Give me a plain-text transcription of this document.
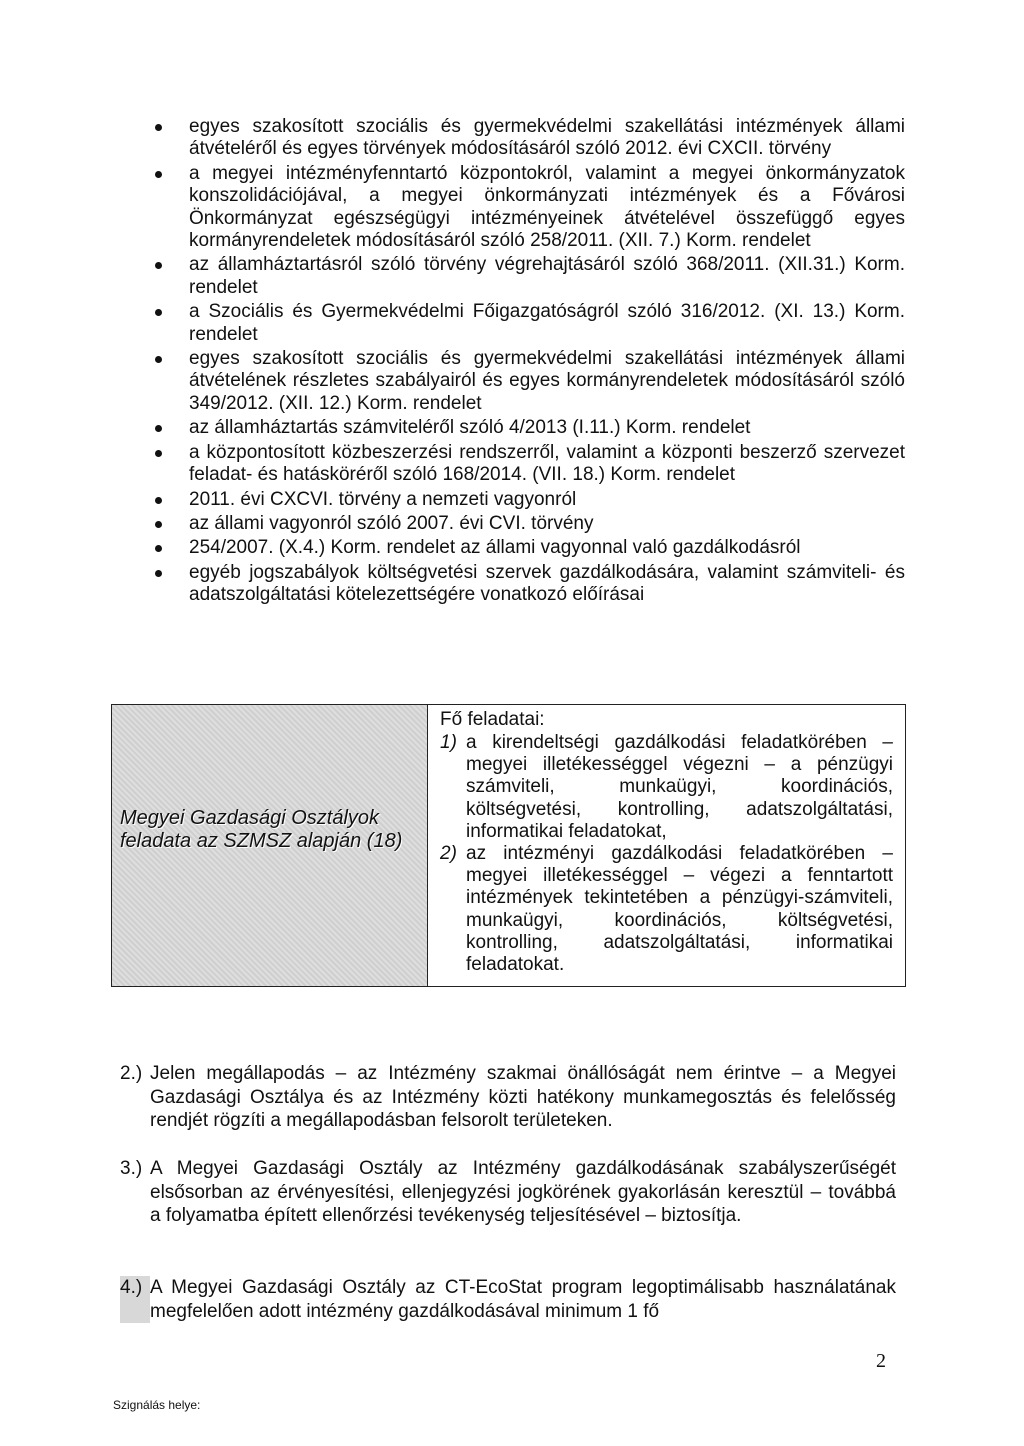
egyes szakosított szociális és gyermekvédelmi szakellátási intézmények állami átvételéről és egyes törvények módosításáról szóló 2012. évi CXCII. törvény
a megyei intézményfenntartó központokról, valamint a megyei önkormányzatok konszolidációjával, a megyei önkormányzati intézmények és a Fővárosi Önkormányzat egészségügyi intézményeinek átvételével összefüggő egyes kormányrendeletek módosításáról szóló 258/2011. (XII. 7.) Korm. rendelet
az államháztartásról szóló törvény végrehajtásáról szóló 368/2011. (XII.31.) Korm. rendelet
a Szociális és Gyermekvédelmi Főigazgatóságról szóló 316/2012. (XI. 13.) Korm. rendelet
egyes szakosított szociális és gyermekvédelmi szakellátási intézmények állami átvételének részletes szabályairól és egyes kormányrendeletek módosításáról szóló 349/2012. (XII. 12.) Korm. rendelet
az államháztartás számviteléről szóló 4/2013 (I.11.) Korm. rendelet
a központosított közbeszerzési rendszerről, valamint a központi beszerző szervezet feladat- és hatásköréről szóló 168/2014. (VII. 18.) Korm. rendelet
2011. évi CXCVI. törvény a nemzeti vagyonról
az állami vagyonról szóló 2007. évi CVI. törvény
254/2007. (X.4.) Korm. rendelet az állami vagyonnal való gazdálkodásról
egyéb jogszabályok költségvetési szervek gazdálkodására, valamint számviteli- és adatszolgáltatási kötelezettségére vonatkozó előírásai
Megyei Gazdasági Osztályok feladata az SZMSZ alapján (18)
Fő feladatai:
1) a kirendeltségi gazdálkodási feladatkörében – megyei illetékességgel végezni – a pénzügyi számviteli, munkaügyi, koordinációs, költségvetési, kontrolling, adatszolgáltatási, informatikai feladatokat,
2) az intézményi gazdálkodási feladatkörében – megyei illetékességgel – végezi a fenntartott intézmények tekintetében a pénzügyi-számviteli, munkaügyi, koordinációs, költségvetési, kontrolling, adatszolgáltatási, informatikai feladatokat.
2.) Jelen megállapodás – az Intézmény szakmai önállóságát nem érintve – a Megyei Gazdasági Osztálya és az Intézmény közti hatékony munkamegosztás és felelősség rendjét rögzíti a megállapodásban felsorolt területeken.
3.) A Megyei Gazdasági Osztály az Intézmény gazdálkodásának szabályszerűségét elsősorban az érvényesítési, ellenjegyzési jogkörének gyakorlásán keresztül – továbbá a folyamatba épített ellenőrzési tevékenység teljesítésével – biztosítja.
4.) A Megyei Gazdasági Osztály az CT-EcoStat program legoptimálisabb használatának megfelelően adott intézmény gazdálkodásával minimum 1 fő
2
Szignálás helye:
